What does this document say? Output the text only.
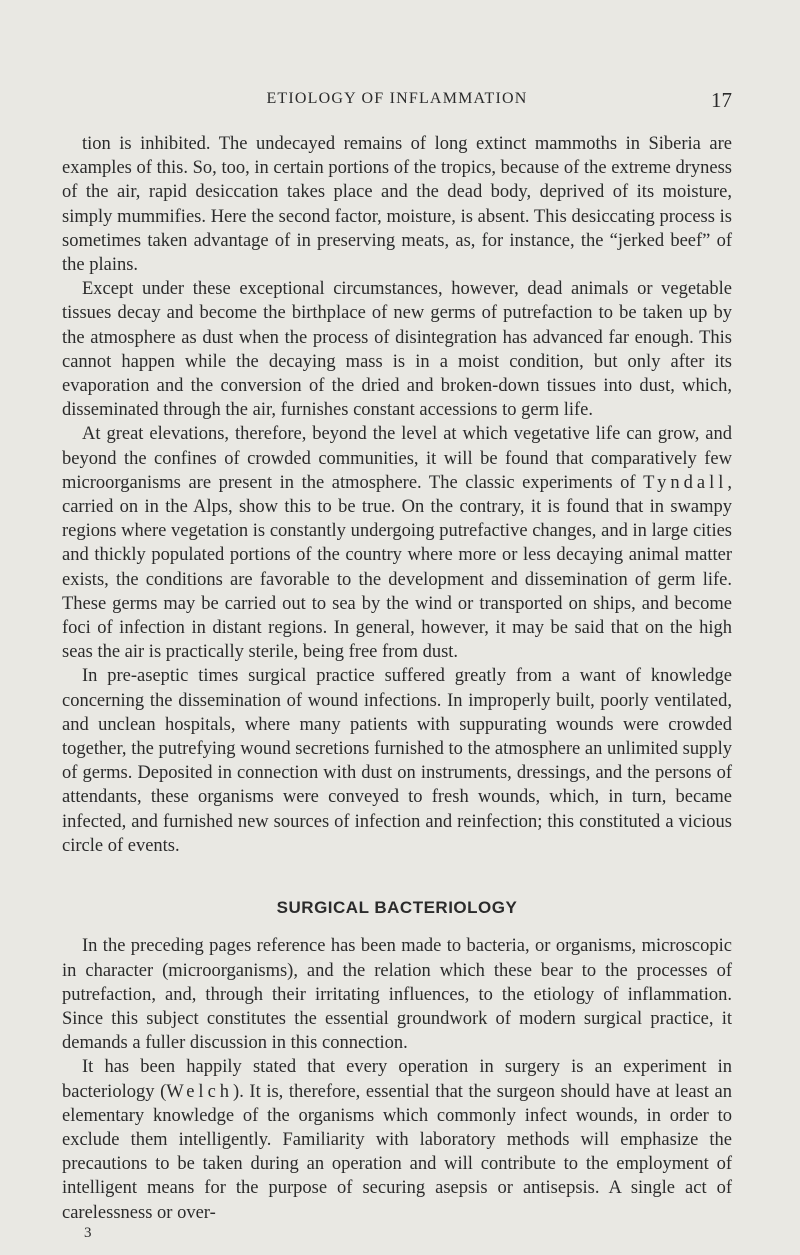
ETIOLOGY OF INFLAMMATION	17

tion is inhibited. The undecayed remains of long extinct mammoths in Siberia are examples of this. So, too, in certain portions of the tropics, because of the extreme dryness of the air, rapid desiccation takes place and the dead body, deprived of its moisture, simply mummifies. Here the second factor, moisture, is absent. This desiccating process is sometimes taken advantage of in preserving meats, as, for instance, the “jerked beef” of the plains.

Except under these exceptional circumstances, however, dead animals or vegetable tissues decay and become the birthplace of new germs of putrefaction to be taken up by the atmosphere as dust when the process of disintegration has advanced far enough. This cannot happen while the decaying mass is in a moist condition, but only after its evaporation and the conversion of the dried and broken-down tissues into dust, which, disseminated through the air, furnishes constant accessions to germ life.

At great elevations, therefore, beyond the level at which vegetative life can grow, and beyond the confines of crowded communities, it will be found that comparatively few microorganisms are present in the atmosphere. The classic experiments of Tyndall, carried on in the Alps, show this to be true. On the contrary, it is found that in swampy regions where vegetation is constantly undergoing putrefactive changes, and in large cities and thickly populated portions of the country where more or less decaying animal matter exists, the conditions are favorable to the development and dissemination of germ life. These germs may be carried out to sea by the wind or transported on ships, and become foci of infection in distant regions. In general, however, it may be said that on the high seas the air is practically sterile, being free from dust.

In pre-aseptic times surgical practice suffered greatly from a want of knowledge concerning the dissemination of wound infections. In improperly built, poorly ventilated, and unclean hospitals, where many patients with suppurating wounds were crowded together, the putrefying wound secretions furnished to the atmosphere an unlimited supply of germs. Deposited in connection with dust on instruments, dressings, and the persons of attendants, these organisms were conveyed to fresh wounds, which, in turn, became infected, and furnished new sources of infection and reinfection; this constituted a vicious circle of events.

SURGICAL BACTERIOLOGY

In the preceding pages reference has been made to bacteria, or organisms, microscopic in character (microorganisms), and the relation which these bear to the processes of putrefaction, and, through their irritating influences, to the etiology of inflammation. Since this subject constitutes the essential groundwork of modern surgical practice, it demands a fuller discussion in this connection.

It has been happily stated that every operation in surgery is an experiment in bacteriology (Welch). It is, therefore, essential that the surgeon should have at least an elementary knowledge of the organisms which commonly infect wounds, in order to exclude them intelligently. Familiarity with laboratory methods will emphasize the precautions to be taken during an operation and will contribute to the employment of intelligent means for the purpose of securing asepsis or antisepsis. A single act of carelessness or over-

3
